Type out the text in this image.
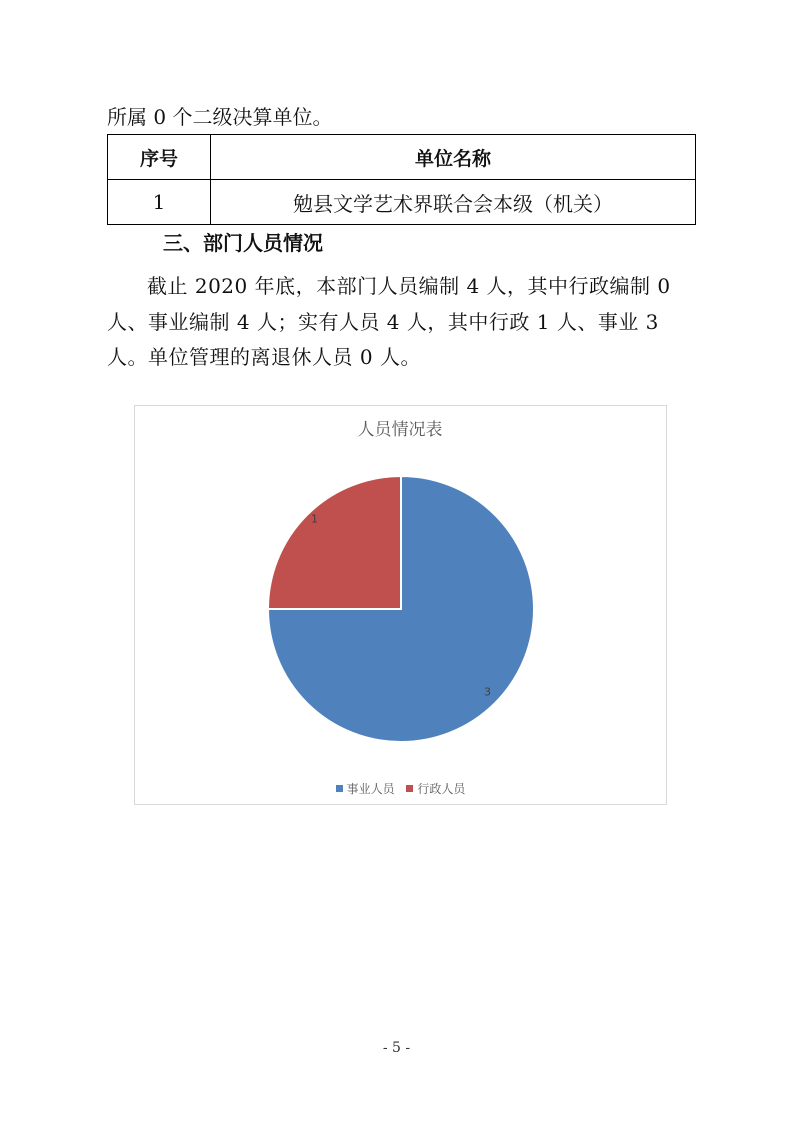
所属 0 个二级决算单位。
序号	单位名称
1	勉县文学艺术界联合会本级（机关）
三、部门人员情况
截止 2020 年底，本部门人员编制 4 人，其中行政编制 0 人、事业编制 4 人；实有人员 4 人，其中行政 1 人、事业 3 人。单位管理的离退休人员 0 人。
人员情况表
3
1
事业人员
行政人员
- 5 -
